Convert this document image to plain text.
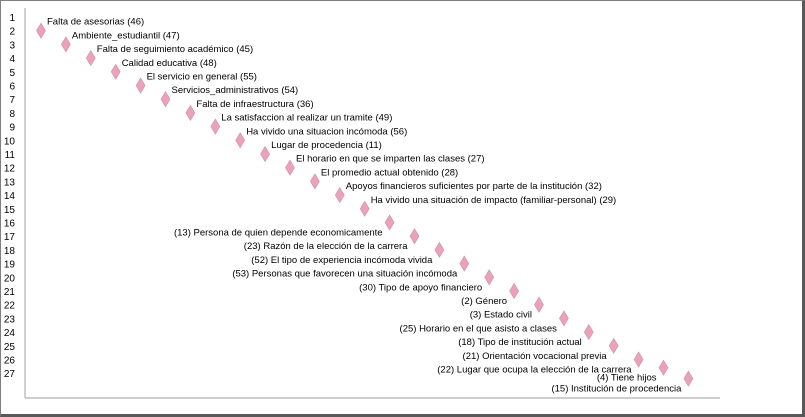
1
2
3
4
5
6
7
8
9
10
11
12
13
14
15
16
17
18
19
20
21
22
23
24
25
26
27
Falta de asesorias (46)
Ambiente_estudiantil (47)
Falta de seguimiento académico (45)
Calidad educativa (48)
El servicio en general (55)
Servicios_administrativos (54)
Falta de infraestructura (36)
La satisfaccion al realizar un tramite (49)
Ha vivido una situacion incómoda (56)
Lugar de procedencia (11)
El horario en que se imparten las clases (27)
El promedio actual obtenido (28)
Apoyos financieros suficientes por parte de la institución (32)
Ha vivido una situación de impacto (familiar-personal) (29)
(13) Persona de quien depende economicamente
(23) Razón de la elección de la carrera
(52) El tipo de experiencia incómoda vivida
(53) Personas que favorecen una situación incómoda
(30) Tipo de apoyo financiero
(2) Género
(3) Estado civil
(25) Horario en el que asisto a clases
(18) Tipo de institución actual
(21) Orientación vocacional previa
(22) Lugar que ocupa la elección de la carrera
(4) Tiene hijos
(15) Institución de procedencia
